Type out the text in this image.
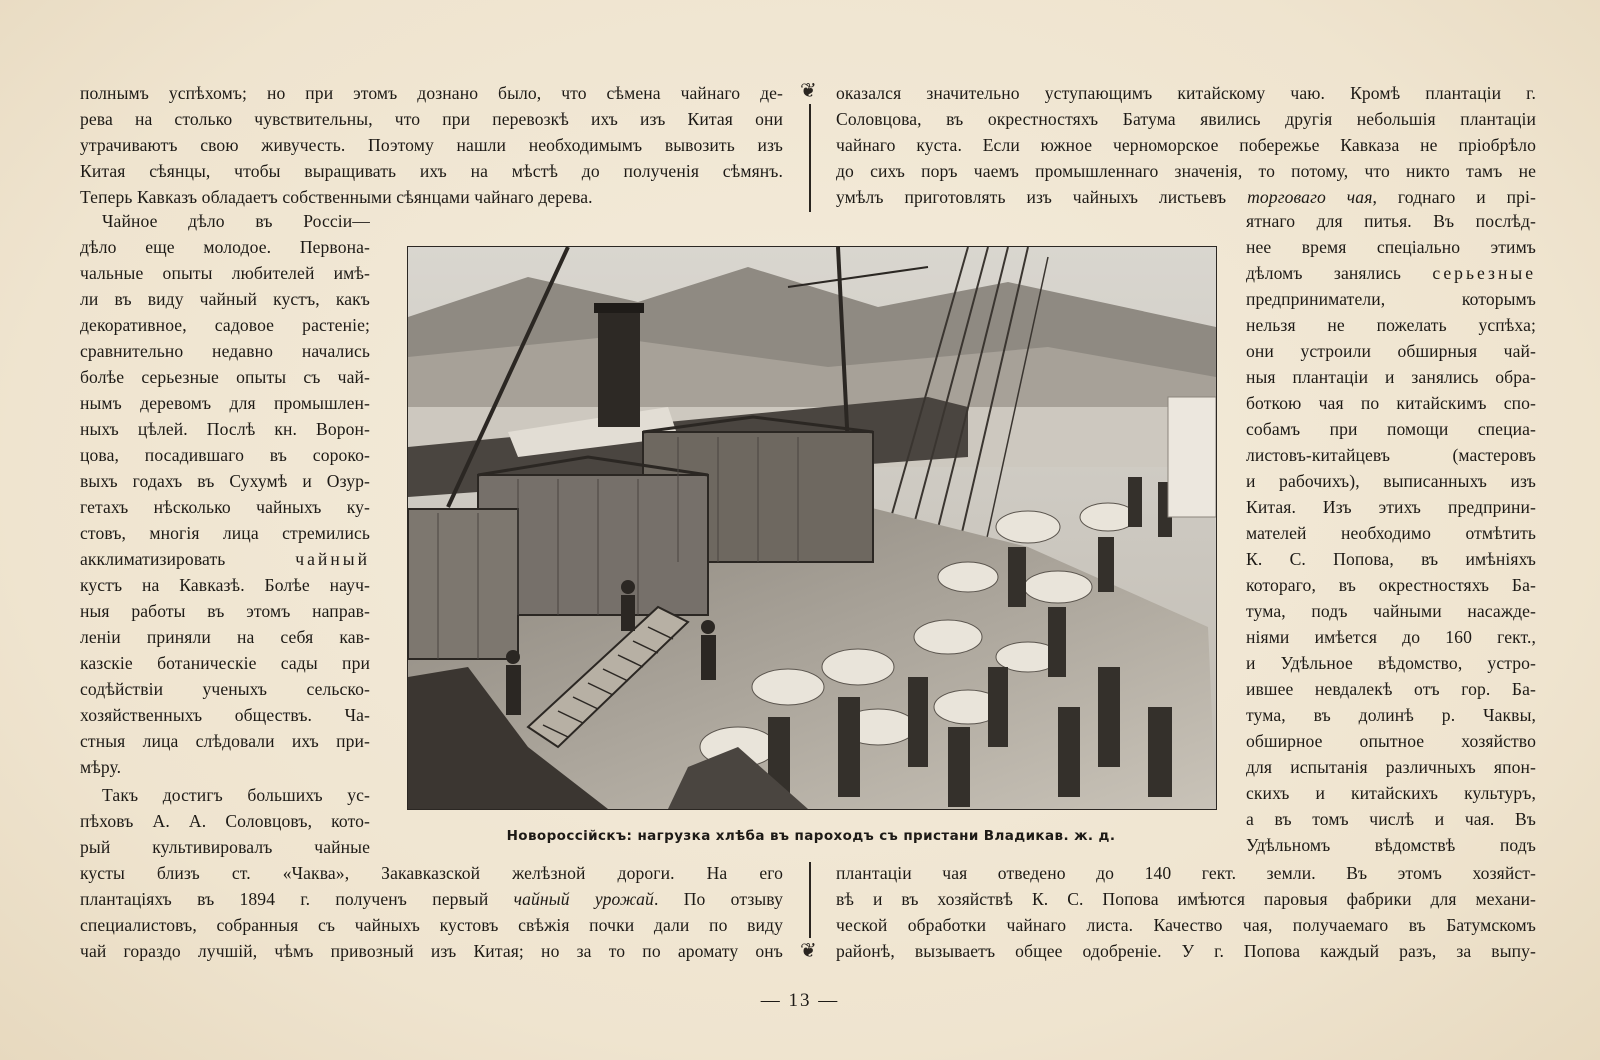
полнымъ успѣхомъ; но при этомъ дознано было, что сѣмена чайнаго де-
рева на столько чувствительны, что при перевозкѣ ихъ изъ Китая они
утрачиваютъ свою живучесть. Поэтому нашли необходимымъ вывозить изъ
Китая сѣянцы, чтобы выращивать ихъ на мѣстѣ до полученія сѣмянъ.
Теперь Кавказъ обладаетъ собственными сѣянцами чайнаго дерева.
❦ оказался значительно уступающимъ китайскому чаю. Кромѣ плантаціи г.
Соловцова, въ окрестностяхъ Батума явились другія небольшія плантаціи
чайнаго куста. Если южное черноморское побережье Кавказа не пріобрѣло
до сихъ поръ чаемъ промышленнаго значенія, то потому, что никто тамъ не
умѣлъ приготовлять изъ чайныхъ листьевъ торговаго чая, годнаго и прі-
Чайное дѣло въ Россіи—
дѣло еще молодое. Первона-
чальные опыты любителей имѣ-
ли въ виду чайный кустъ, какъ
декоративное, садовое растеніе;
сравнительно недавно начались
болѣе серьезные опыты съ чай-
нымъ деревомъ для промышлен-
ныхъ цѣлей. Послѣ кн. Ворон-
цова, посадившаго въ сороко-
выхъ годахъ въ Сухумѣ и Озур-
гетахъ нѣсколько чайныхъ ку-
стовъ, многія лица стремились
акклиматизировать	чайный
кустъ на Кавказѣ. Болѣе науч-
ныя работы въ этомъ направ-
леніи приняли на себя кав-
казскіе ботаническіе сады при
содѣйствіи ученыхъ сельско-
хозяйственныхъ обществъ. Ча-
стныя лица слѣдовали ихъ при-
мѣру.
Такъ достигъ большихъ ус-
пѣховъ А. А. Соловцовъ, кото-
рый культивировалъ чайные
Новороссійскъ: нагрузка хлѣба въ пароходъ съ пристани Владикав. ж. д.
ятнаго для питья. Въ послѣд-
нее время спеціально этимъ
дѣломъ занялись серьезные
предприниматели, которымъ
нельзя не пожелать успѣха;
они устроили обширныя чай-
ныя плантаціи и занялись обра-
боткою чая по китайскимъ спо-
собамъ при помощи специа-
листовъ-китайцевъ (мастеровъ
и рабочихъ), выписанныхъ изъ
Китая. Изъ этихъ предприни-
мателей необходимо отмѣтить
К. С. Попова, въ имѣніяхъ
котораго, въ окрестностяхъ Ба-
тума, подъ чайными насажде-
ніями имѣется до 160 гект.,
и Удѣльное вѣдомство, устро-
ившее невдалекѣ отъ гор. Ба-
тума, въ долинѣ р. Чаквы,
обширное опытное хозяйство
для испытанія различныхъ япон-
скихъ и китайскихъ культуръ,
а въ томъ числѣ и чая. Въ
Удѣльномъ вѣдомствѣ подъ
кусты близъ ст. «Чаква», Закавказской желѣзной дороги. На его
плантаціяхъ въ 1894 г. полученъ первый чайный урожай. По отзыву
специалистовъ, собранныя съ чайныхъ кустовъ свѣжія почки дали по виду
чай гораздо лучшій, чѣмъ привозный изъ Китая; но за то по аромату онъ ❦
плантаціи чая отведено до 140 гект. земли. Въ этомъ хозяйст-
вѣ и въ хозяйствѣ К. С. Попова имѣются паровыя фабрики для механи-
ческой обработки чайнаго листа. Качество чая, получаемаго въ Батумскомъ
районѣ, вызываетъ общее одобреніе. У г. Попова каждый разъ, за выпу-
— 13 —
